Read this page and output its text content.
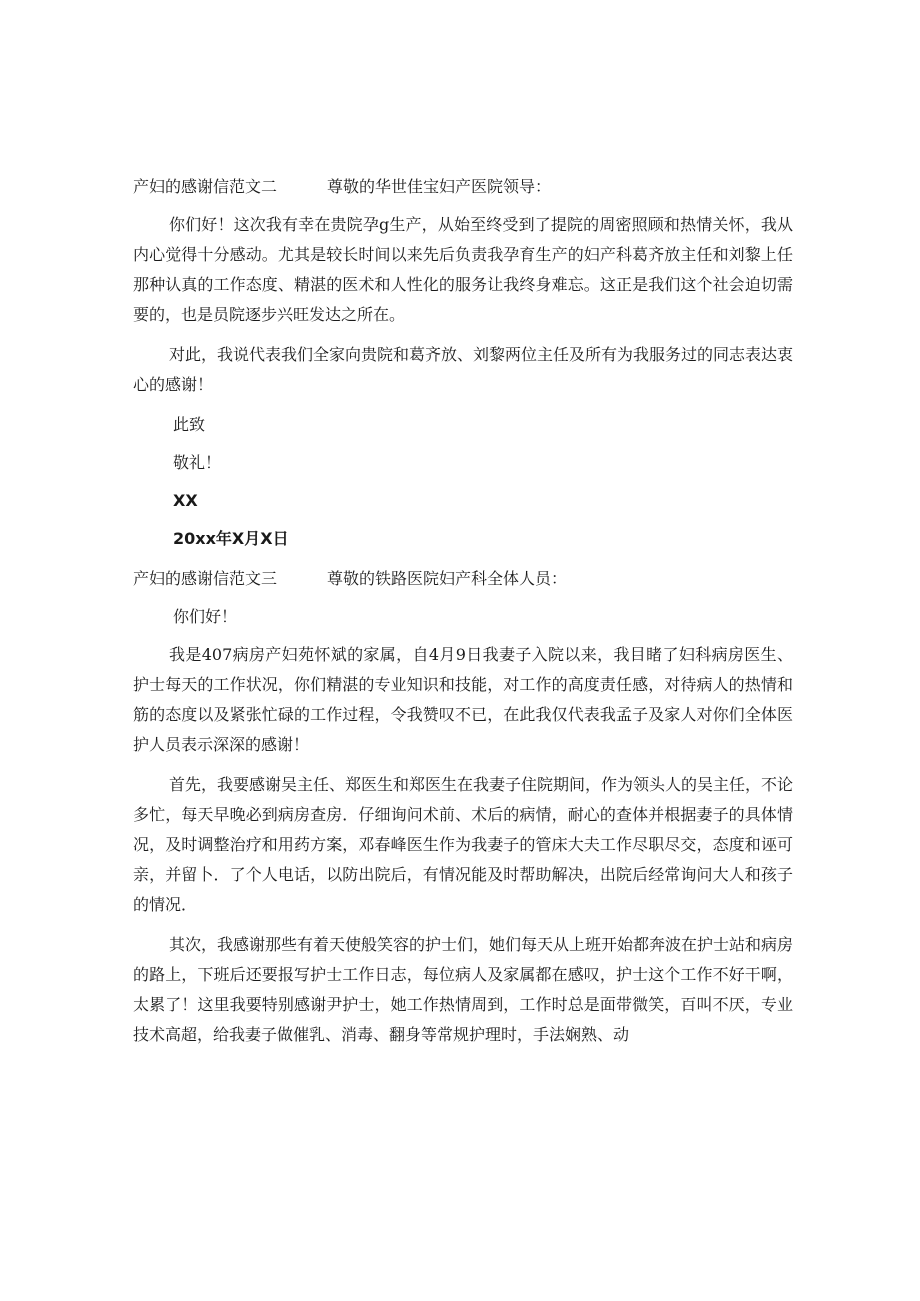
产妇的感谢信范文二	尊敬的华世佳宝妇产医院领导：

你们好！这次我有幸在贵院孕g生产，从始至终受到了提院的周密照顾和热情关怀，我从内心觉得十分感动。尤其是较长时间以来先后负责我孕育生产的妇产科葛齐放主任和刘黎上任那种认真的工作态度、精湛的医术和人性化的服务让我终身难忘。这正是我们这个社会迫切需要的，也是员院逐步兴旺发达之所在。

对此，我说代表我们全家向贵院和葛齐放、刘黎两位主任及所有为我服务过的同志表达衷心的感谢！

此致
敬礼！
XX
20xx年X月X日
产妇的感谢信范文三	尊敬的铁路医院妇产科全体人员：
你们好！

我是407病房产妇苑怀斌的家属，自4月9日我妻子入院以来，我目睹了妇科病房医生、护士每天的工作状况，你们精湛的专业知识和技能，对工作的高度责任感，对待病人的热情和筋的态度以及紧张忙碌的工作过程，令我赞叹不已，在此我仅代表我孟子及家人对你们全体医护人员表示深深的感谢！

首先，我要感谢吴主任、郑医生和郑医生在我妻子住院期间，作为领头人的吴主任，不论多忙，每天早晚必到病房查房．仔细询问术前、术后的病情，耐心的查体并根据妻子的具体情况，及时调整治疗和用药方案，邓春峰医生作为我妻子的管床大夫工作尽职尽交，态度和诬可亲，并留卜．了个人电话，以防出院后，有情况能及时帮助解决，出院后经常询问大人和孩子的情况．

其次，我感谢那些有着天使般笑容的护士们，她们每天从上班开始都奔波在护士站和病房的路上，下班后还要报写护士工作日志，每位病人及家属都在感叹，护士这个工作不好干啊，太累了！这里我要特别感谢尹护士，她工作热情周到，工作时总是面带微笑，百叫不厌，专业技术高超，给我妻子做催乳、消毒、翻身等常规护理时，手法娴熟、动
